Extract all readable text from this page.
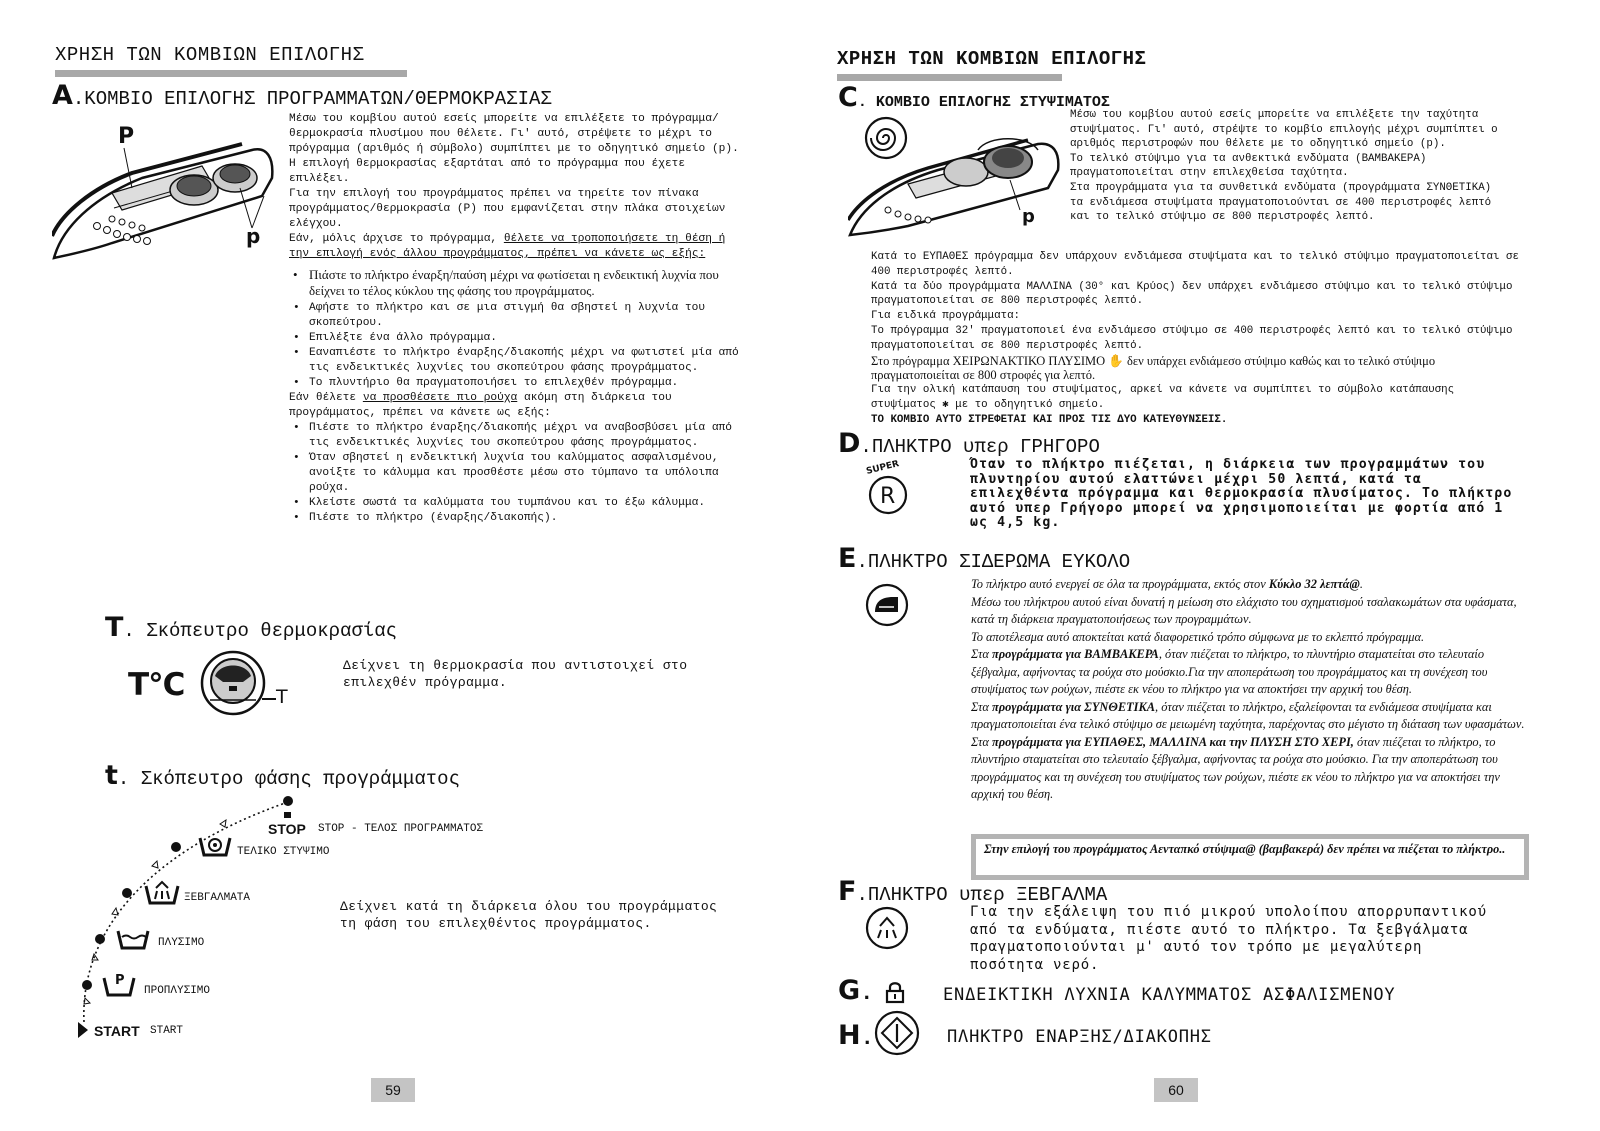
ΧΡΗΣΗ ΤΩΝ ΚΟΜΒΙΩΝ ΕΠΙΛΟΓΗΣ
A.ΚΟΜΒΙΟ ΕΠΙΛΟΓΗΣ ΠΡΟΓΡΑΜΜΑΤΩΝ/ΘΕΡΜΟΚΡΑΣΙΑΣ
P
p

Μέσω του κομβίου αυτού εσείς μπορείτε να επιλέξετε το πρόγραμμα/θερμοκρασία πλυσίμου που θέλετε. Γι' αυτό, στρέψετε το μέχρι το πρόγραμμα (αριθμός ή σύμβολο) συμπίπτει με το οδηγητικό σημείο (p). Η επιλογή θερμοκρασίας εξαρτάται από το πρόγραμμα που έχετε επιλέξει.

Για την επιλογή του προγράμματος πρέπει να τηρείτε τον πίνακα προγράμματος/θερμοκρασία (P) που εμφανίζεται στην πλάκα στοιχείων ελέγχου.

Εάν, μόλις άρχισε το πρόγραμμα, θέλετε να τροποποιήσετε τη θέση ή την επιλογή ενός άλλου προγράμματος, πρέπει να κάνετε ως εξής:

• Πιάστε το πλήκτρο έναρξη/παύση μέχρι να φωτίσεται η ενδεικτική λυχνία που δείχνει το τέλος κύκλου της φάσης του προγράμματος.
• Αφήστε το πλήκτρο και σε μια στιγμή θα σβηστεί η λυχνία του σκοπεύτρου.
• Επιλέξτε ένα άλλο πρόγραμμα.
• Εαναπιέστε το πλήκτρο έναρξης/διακοπής μέχρι να φωτιστεί μία από τις ενδεικτικές λυχνίες του σκοπεύτρου φάσης προγράμματος.
• Το πλυντήριο θα πραγματοποιήσει το επιλεχθέν πρόγραμμα.

Εάν θέλετε να προσθέσετε πιο ρούχα ακόμη στη διάρκεια του προγράμματος, πρέπει να κάνετε ως εξής:

• Πιέστε το πλήκτρο έναρξης/διακοπής μέχρι να αναβοσβύσει μία από τις ενδεικτικές λυχνίες του σκοπεύτρου φάσης προγράμματος.
• Όταν σβηστεί η ενδεικτική λυχνία του καλύμματος ασφαλισμένου, ανοίξτε το κάλυμμα και προσθέστε μέσω στο τύμπανο τα υπόλοιπα ρούχα.
• Κλείστε σωστά τα καλύμματα του τυμπάνου και το έξω κάλυμμα.
• Πιέστε το πλήκτρο (έναρξης/διακοπής).
T. Σκόπευτρο θερμοκρασίας
T°C	T
Δείχνει τη θερμοκρασία που αντιστοιχεί στο επιλεχθέν πρόγραμμα.
t. Σκόπευτρο φάσης προγράμματος
Δείχνει κατά τη διάρκεια όλου του προγράμματος τη φάση του επιλεχθέντος προγράμματος.
STOP STOP - ΤΕΛΟΣ ΠΡΟΓΡΑΜΜΑΤΟΣ
ΤΕΛΙΚΟ ΣΤΥΨΙΜΟ
ΞΕΒΓΑΛΜΑΤΑ
ΠΛΥΣΙΜΟ
P
ΠΡΟΠΛΥΣΙΜΟ
START START
59
ΧΡΗΣΗ ΤΩΝ ΚΟΜΒΙΩΝ ΕΠΙΛΟΓΗΣ
C. ΚΟΜΒΙΟ ΕΠΙΛΟΓΗΣ ΣΤΥΨΙΜΑΤΟΣ
p

Μέσω του κομβίου αυτού εσείς μπορείτε να επιλέξετε την ταχύτητα στυψίματος. Γι' αυτό, στρέψτε το κομβίο επιλογής μέχρι συμπίπτει ο αριθμός περιστροφών που θέλετε με το οδηγητικό σημείο (p).

Το τελικό στύψιμο για τα ανθεκτικά ενδύματα (ΒΑΜΒΑΚΕΡΑ) πραγματοποιείται στην επιλεχθείσα ταχύτητα.

Στα προγράμματα για τα συνθετικά ενδύματα (προγράμματα ΣΥΝΘΕΤΙΚΑ) τα ενδιάμεσα στυψίματα πραγματοποιούνται σε 400 περιστροφές λεπτό και το τελικό στύψιμο σε 800 περιστροφές λεπτό.

Κατά το ΕΥΠΑΘΕΣ πρόγραμμα δεν υπάρχουν ενδιάμεσα στυψίματα και το τελικό στύψιμο πραγματοποιείται σε 400 περιστροφές λεπτό.

Κατά τα δύο προγράμματα ΜΑΛΛΙΝΑ (30° και Κρύος) δεν υπάρχει ενδιάμεσο στύψιμο και το τελικό στύψιμο πραγματοποιείται σε 800 περιστροφές λεπτό.

Για ειδικά προγράμματα:

Το πρόγραμμα 32' πραγματοποιεί ένα ενδιάμεσο στύψιμο σε 400 περιστροφές λεπτό και το τελικό στύψιμο πραγματοποιείται σε 800 περιστροφές λεπτό.

Στο πρόγραμμα ΧΕΙΡΩΝΑΚΤΙΚΟ ΠΛΥΣΙΜΟ ✋ δεν υπάρχει ενδιάμεσο στύψιμο καθώς και το τελικό στύψιμο πραγματοποιείται σε 800 στροφές για λεπτό.

Για την ολική κατάπαυση του στυψίματος, αρκεί να κάνετε να συμπίπτει το σύμβολο κατάπαυσης στυψίματος ✱ με το οδηγητικό σημείο.

ΤΟ ΚΟΜΒΙΟ ΑΥΤΟ ΣΤΡΕΦΕΤΑΙ ΚΑΙ ΠΡΟΣ ΤΙΣ ΔΥΟ ΚΑΤΕΥΘΥΝΣΕΙΣ.

D.ΠΛΗΚΤΡΟ υπερ ΓΡΗΓΟΡΟ
SUPER
R
Όταν το πλήκτρο πιέζεται, η διάρκεια των προγραμμάτων του πλυντηρίου αυτού ελαττώνει μέχρι 50 λεπτά, κατά τα επιλεχθέντα πρόγραμμα και θερμοκρασία πλυσίματος. Το πλήκτρο αυτό υπερ Γρήγορο μπορεί να χρησιμοποιείται με φορτία από 1 ως 4,5 kg.
E.ΠΛΗΚΤΡΟ ΣΙΔΕΡΩΜΑ ΕΥΚΟΛΟ

Το πλήκτρο αυτό ενεργεί σε όλα τα προγράμματα, εκτός στον Κύκλο 32 λεπτά@.

Μέσω του πλήκτρου αυτού είναι δυνατή η μείωση στο ελάχιστο του σχηματισμού τσαλακωμάτων στα υφάσματα, κατά τη διάρκεια πραγματοποιήσεως των προγραμμάτων.

Το αποτέλεσμα αυτό αποκτείται κατά διαφορετικό τρόπο σύμφωνα με το εκλεπτό πρόγραμμα.

Στα προγράμματα για ΒΑΜΒΑΚΕΡΑ, όταν πιέζεται το πλήκτρο, το πλυντήριο σταματείται στο τελευταίο ξέβγαλμα, αφήνοντας τα ρούχα στο μούσκιο.Για την αποπεράτωση του προγράμματος και τη συνέχεση του στυψίματος των ρούχων, πιέστε εκ νέου το πλήκτρο για να αποκτήσει την αρχική του θέση.

Στα προγράμματα για ΣΥΝΘΕΤΙΚΑ, όταν πιέζεται το πλήκτρο, εξαλείφονται τα ενδιάμεσα στυψίματα και πραγματοποιείται ένα τελικό στύψιμο σε μειωμένη ταχύτητα, παρέχοντας στο μέγιστο τη διάταση των υφασμάτων.

Στα προγράμματα για ΕΥΠΑΘΕΣ, ΜΑΛΛΙΝΑ και την ΠΛΥΣΗ ΣΤΟ ΧΕΡΙ, όταν πιέζεται το πλήκτρο, το πλυντήριο σταματείται στο τελευταίο ξέβγαλμα, αφήνοντας τα ρούχα στο μούσκιο. Για την αποπεράτωση του προγράμματος και τη συνέχεση του στυψίματος των ρούχων, πιέστε εκ νέου το πλήκτρο για να αποκτήσει την αρχική του θέση.

Στην επιλογή του προγράμματος Αενταπκό στύψιμα@ (βαμβακερά) δεν πρέπει να πιέζεται το πλήκτρο..
F.ΠΛΗΚΤΡΟ υπερ ΞΕΒΓΑΛΜΑ
Για την εξάλειψη του πιό μικρού υπολοίπου απορρυπαντικού από τα ενδύματα, πιέστε αυτό το πλήκτρο. Τα ξεβγάλματα πραγματοποιούνται μ' αυτό τον τρόπο με μεγαλύτερη ποσότητα νερό.
G.	ΕΝΔΕΙΚΤΙΚΗ ΛΥΧΝΙΑ ΚΑΛΥΜΜΑΤΟΣ ΑΣΦΑΛΙΣΜΕΝΟΥ
H.	ΠΛΗΚΤΡΟ ΕΝΑΡΞΗΣ/ΔΙΑΚΟΠΗΣ
60
